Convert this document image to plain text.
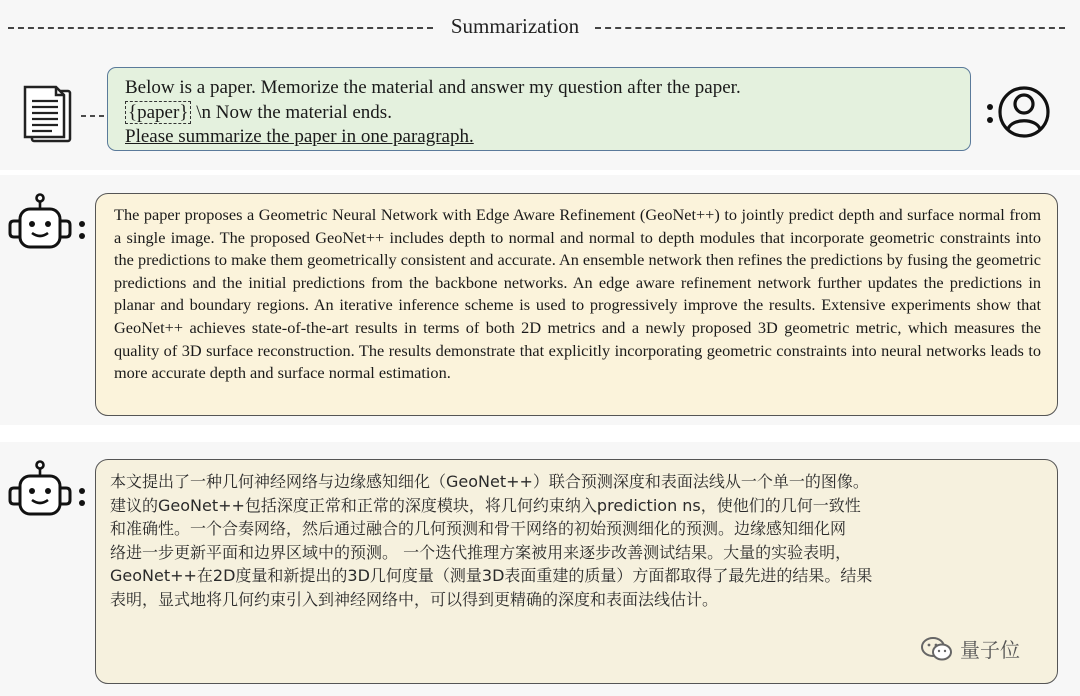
Summarization
Below is a paper. Memorize the material and answer my question after the paper.
{paper} \n Now the material ends.
Please summarize the paper in one paragraph.
The paper proposes a Geometric Neural Network with Edge Aware Refinement (GeoNet++) to jointly predict depth and surface normal from a single image. The proposed GeoNet++ includes depth to normal and normal to depth modules that incorporate geometric constraints into the predictions to make them geometrically consistent and accurate. An ensemble network then refines the predictions by fusing the geometric predictions and the initial predictions from the backbone networks. An edge aware refinement network further updates the predictions in planar and boundary regions. An iterative inference scheme is used to progressively improve the results. Extensive experiments show that GeoNet++ achieves state-of-the-art results in terms of both 2D metrics and a newly proposed 3D geometric metric, which measures the quality of 3D surface reconstruction. The results demonstrate that explicitly incorporating geometric constraints into neural networks leads to more accurate depth and surface normal estimation.
本文提出了一种几何神经网络与边缘感知细化（GeoNet++）联合预测深度和表面法线从一个单一的图像。
建议的GeoNet++包括深度正常和正常的深度模块，将几何约束纳入prediction ns，使他们的几何一致性
和准确性。一个合奏网络，然后通过融合的几何预测和骨干网络的初始预测细化的预测。边缘感知细化网
络进一步更新平面和边界区域中的预测。 一个迭代推理方案被用来逐步改善测试结果。大量的实验表明，
GeoNet++在2D度量和新提出的3D几何度量（测量3D表面重建的质量）方面都取得了最先进的结果。结果
表明，显式地将几何约束引入到神经网络中，可以得到更精确的深度和表面法线估计。
量子位
